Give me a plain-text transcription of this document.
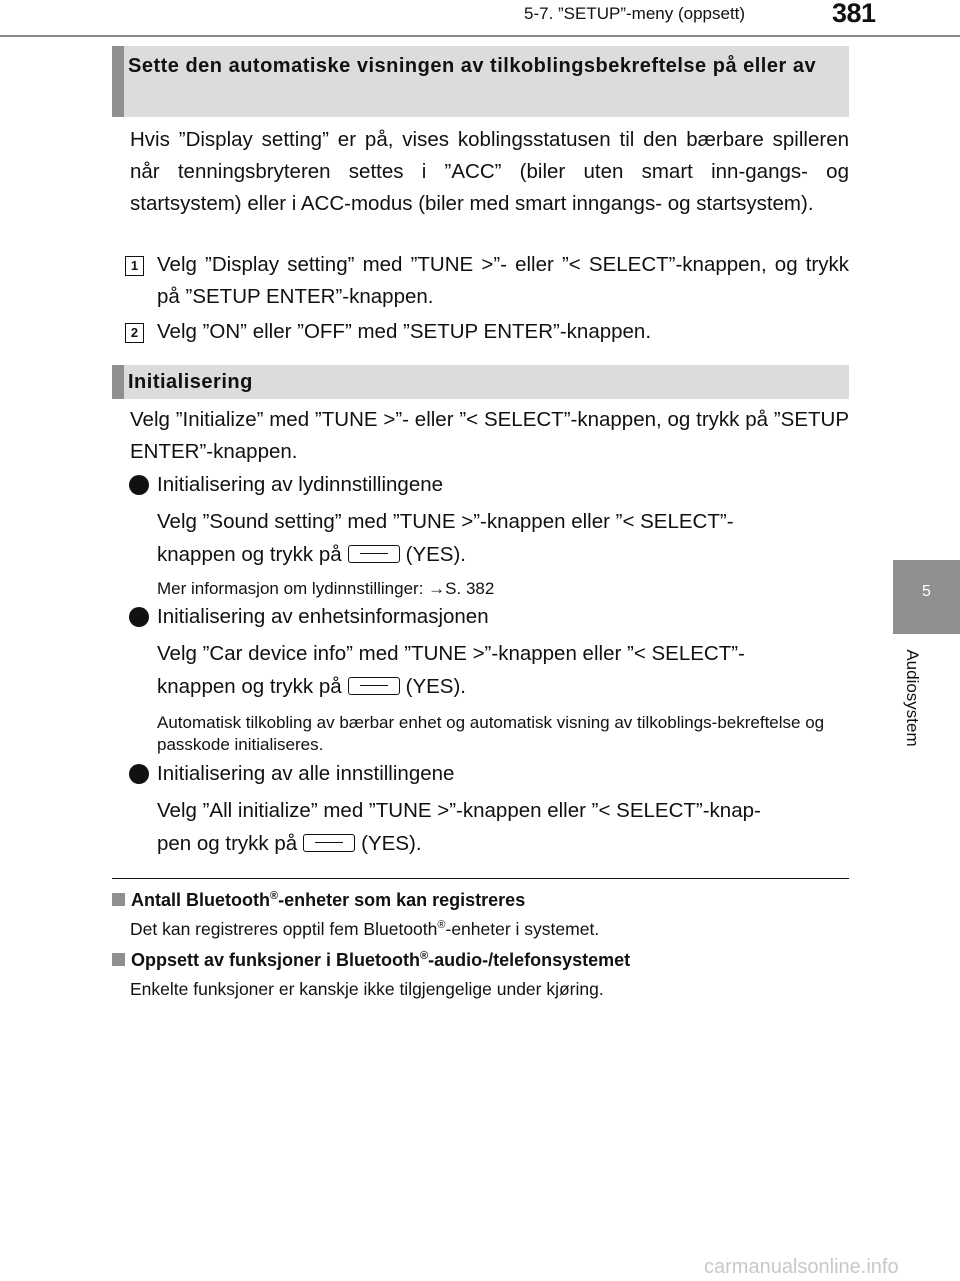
5-7. ”SETUP”-meny (oppsett)	381
5
Audiosystem
Sette den automatiske visningen av tilkoblingsbekreftelse på eller av
Hvis ”Display setting” er på, vises koblingsstatusen til den bærbare spilleren når tenningsbryteren settes i ”ACC” (biler uten smart inn-gangs- og startsystem) eller i ACC-modus (biler med smart inngangs- og startsystem).
1 Velg ”Display setting” med ”TUNE >”- eller ”< SELECT”-knappen, og trykk på ”SETUP ENTER”-knappen.
2 Velg ”ON” eller ”OFF” med ”SETUP ENTER”-knappen.
Initialisering
Velg ”Initialize” med ”TUNE >”- eller ”< SELECT”-knappen, og trykk på ”SETUP ENTER”-knappen.
Initialisering av lydinnstillingene
Velg ”Sound setting” med ”TUNE >”-knappen eller ”< SELECT”-
knappen og trykk på	(YES).
Mer informasjon om lydinnstillinger: →S. 382
Initialisering av enhetsinformasjonen
Velg ”Car device info” med ”TUNE >”-knappen eller ”< SELECT”-
knappen og trykk på	(YES).
Automatisk tilkobling av bærbar enhet og automatisk visning av tilkoblings-bekreftelse og passkode initialiseres.
Initialisering av alle innstillingene
Velg ”All initialize” med ”TUNE >”-knappen eller ”< SELECT”-knap-
pen og trykk på	(YES).
Antall Bluetooth®-enheter som kan registreres
Det kan registreres opptil fem Bluetooth®-enheter i systemet.
Oppsett av funksjoner i Bluetooth®-audio-/telefonsystemet
Enkelte funksjoner er kanskje ikke tilgjengelige under kjøring.
carmanualsonline.info
